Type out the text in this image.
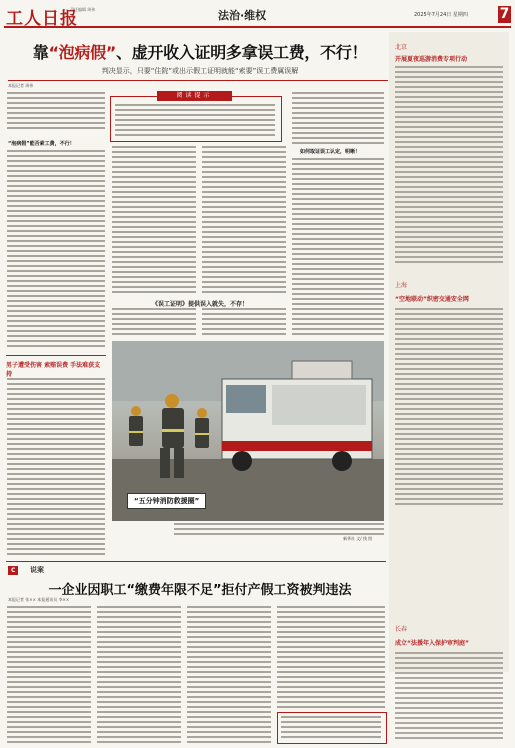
工人日报
责任编辑 周伟	法治·维权	2025年7月24日 星期四 7
靠“泡病假”、虚开收入证明多拿误工费，不行！
判决显示，只要“住院”或出示假工证明就能“索要”误工费属误解
本报记者 周伟
阅读提示
“泡病假”能否索工费，不行！
《误工证明》提供误入就失，不存！
如何取证误工认定，明晰！
男子遭受伤害 索赔误费 手法难获支持
“五分钟消防救援圈”
新华社 文/ 钱 图
北京
开展夏夜巡游消费专项行动
上海
“空地联动”织密交通安全网
长春
成立“法援年入保护审判庭”
C	说案
一企业因职工“缴费年限不足”拒付产假工资被判违法
本报记者 张×× 本报通讯员 李××
